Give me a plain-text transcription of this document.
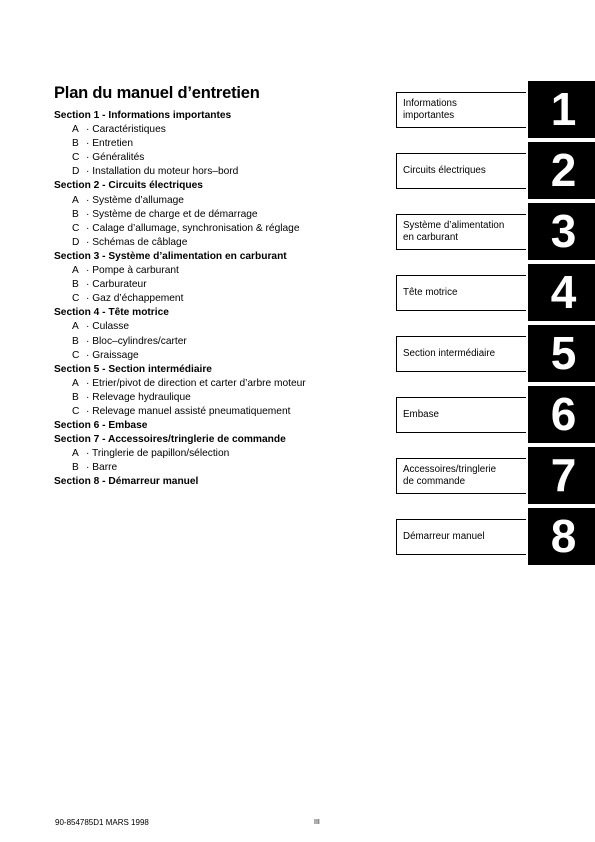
Plan du manuel d’entretien
Section 1 - Informations importantes
A · Caractéristiques
B · Entretien
C · Généralités
D · Installation du moteur hors–bord
Section 2 - Circuits électriques
A · Système d’allumage
B · Système de charge et de démarrage
C · Calage d’allumage, synchronisation & réglage
D · Schémas de câblage
Section 3 - Système d’alimentation en carburant
A · Pompe à carburant
B · Carburateur
C · Gaz d’échappement
Section 4 - Tête motrice
A · Culasse
B · Bloc–cylindres/carter
C · Graissage
Section 5 - Section intermédiaire
A · Etrier/pivot de direction et carter d’arbre moteur
B · Relevage hydraulique
C · Relevage manuel assisté pneumatiquement
Section 6 - Embase
Section 7 - Accessoires/tringlerie de commande
A · Tringlerie de papillon/sélection
B · Barre
Section 8 - Démarreur manuel
Informations
importantes	1
Circuits électriques	2
Système d’alimentation
en carburant	3
Tête motrice	4
Section intermédiaire	5
Embase	6
Accessoires/tringlerie
de commande	7
Démarreur manuel	8
90-854785D1 MARS 1998	III
